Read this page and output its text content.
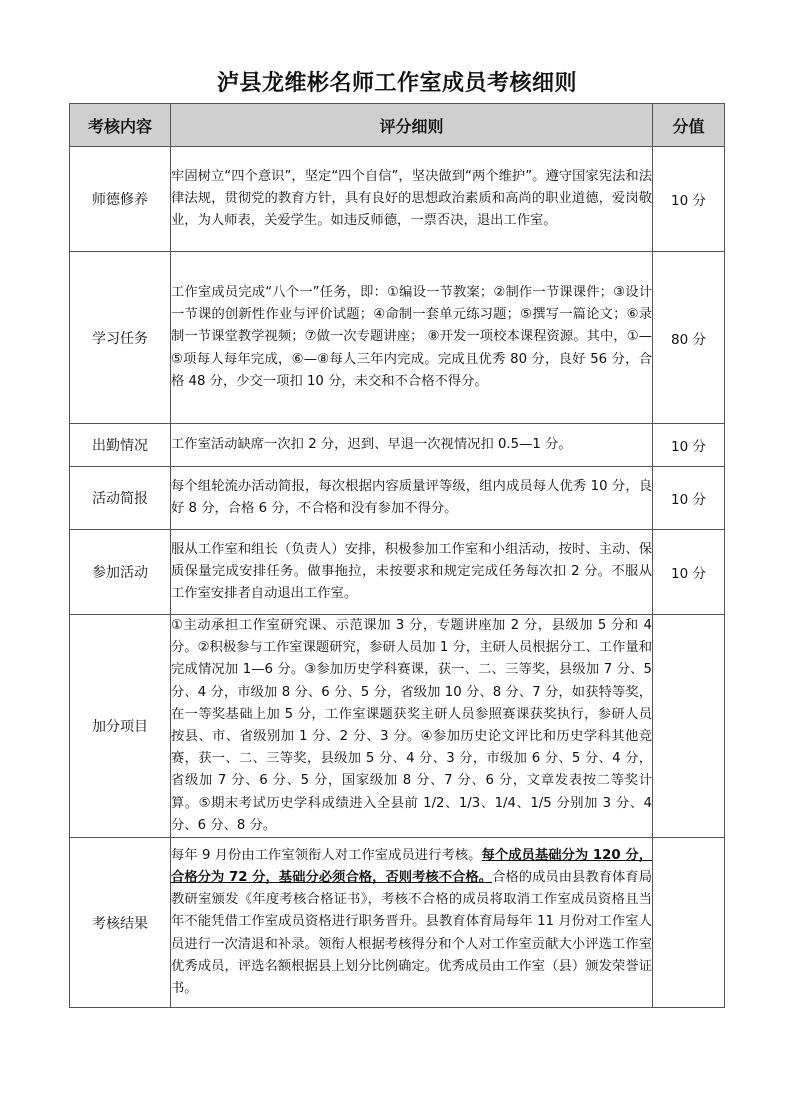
泸县龙维彬名师工作室成员考核细则
考核内容	评分细则	分值
师德修养	牢固树立“四个意识”，坚定“四个自信”，坚决做到“两个维护”。遵守国家宪法和法律法规，贯彻党的教育方针，具有良好的思想政治素质和高尚的职业道德，爱岗敬业，为人师表，关爱学生。如违反师德，一票否决，退出工作室。	10 分
学习任务	工作室成员完成“八个一”任务，即：①编设一节教案；②制作一节课课件；③设计一节课的创新性作业与评价试题；④命制一套单元练习题；⑤撰写一篇论文；⑥录制一节课堂教学视频；⑦做一次专题讲座； ⑧开发一项校本课程资源。其中，①—⑤项每人每年完成，⑥—⑧每人三年内完成。完成且优秀 80 分，良好 56 分，合格 48 分，少交一项扣 10 分，未交和不合格不得分。	80 分
出勤情况	工作室活动缺席一次扣 2 分，迟到、早退一次视情况扣 0.5—1 分。	10 分
活动简报	每个组轮流办活动简报，每次根据内容质量评等级，组内成员每人优秀 10 分，良好 8 分，合格 6 分，不合格和没有参加不得分。	10 分
参加活动	服从工作室和组长（负责人）安排，积极参加工作室和小组活动，按时、主动、保质保量完成安排任务。做事拖拉，未按要求和规定完成任务每次扣 2 分。不服从工作室安排者自动退出工作室。	10 分
加分项目	①主动承担工作室研究课、示范课加 3 分，专题讲座加 2 分，县级加 5 分和 4 分。②积极参与工作室课题研究，参研人员加 1 分，主研人员根据分工、工作量和完成情况加 1—6 分。③参加历史学科赛课，获一、二、三等奖，县级加 7 分、5 分、4 分，市级加 8 分、6 分、5 分，省级加 10 分、8 分、7 分，如获特等奖，在一等奖基础上加 5 分，工作室课题获奖主研人员参照赛课获奖执行，参研人员按县、市、省级别加 1 分、2 分、3 分。④参加历史论文评比和历史学科其他竞赛，获一、二、三等奖，县级加 5 分、4 分、3 分，市级加 6 分、5 分、4 分，省级加 7 分、6 分、5 分，国家级加 8 分、7 分、6 分，文章发表按二等奖计算。⑤期末考试历史学科成绩进入全县前 1/2、1/3、1/4、1/5 分别加 3 分、4 分、6 分、8 分。	
考核结果	每年 9 月份由工作室领衔人对工作室成员进行考核。每个成员基础分为 120 分，合格分为 72 分，基础分必须合格，否则考核不合格。合格的成员由县教育体育局教研室颁发《年度考核合格证书》，考核不合格的成员将取消工作室成员资格且当年不能凭借工作室成员资格进行职务晋升。县教育体育局每年 11 月份对工作室人员进行一次清退和补录。领衔人根据考核得分和个人对工作室贡献大小评选工作室优秀成员，评选名额根据县上划分比例确定。优秀成员由工作室（县）颁发荣誉证书。	
